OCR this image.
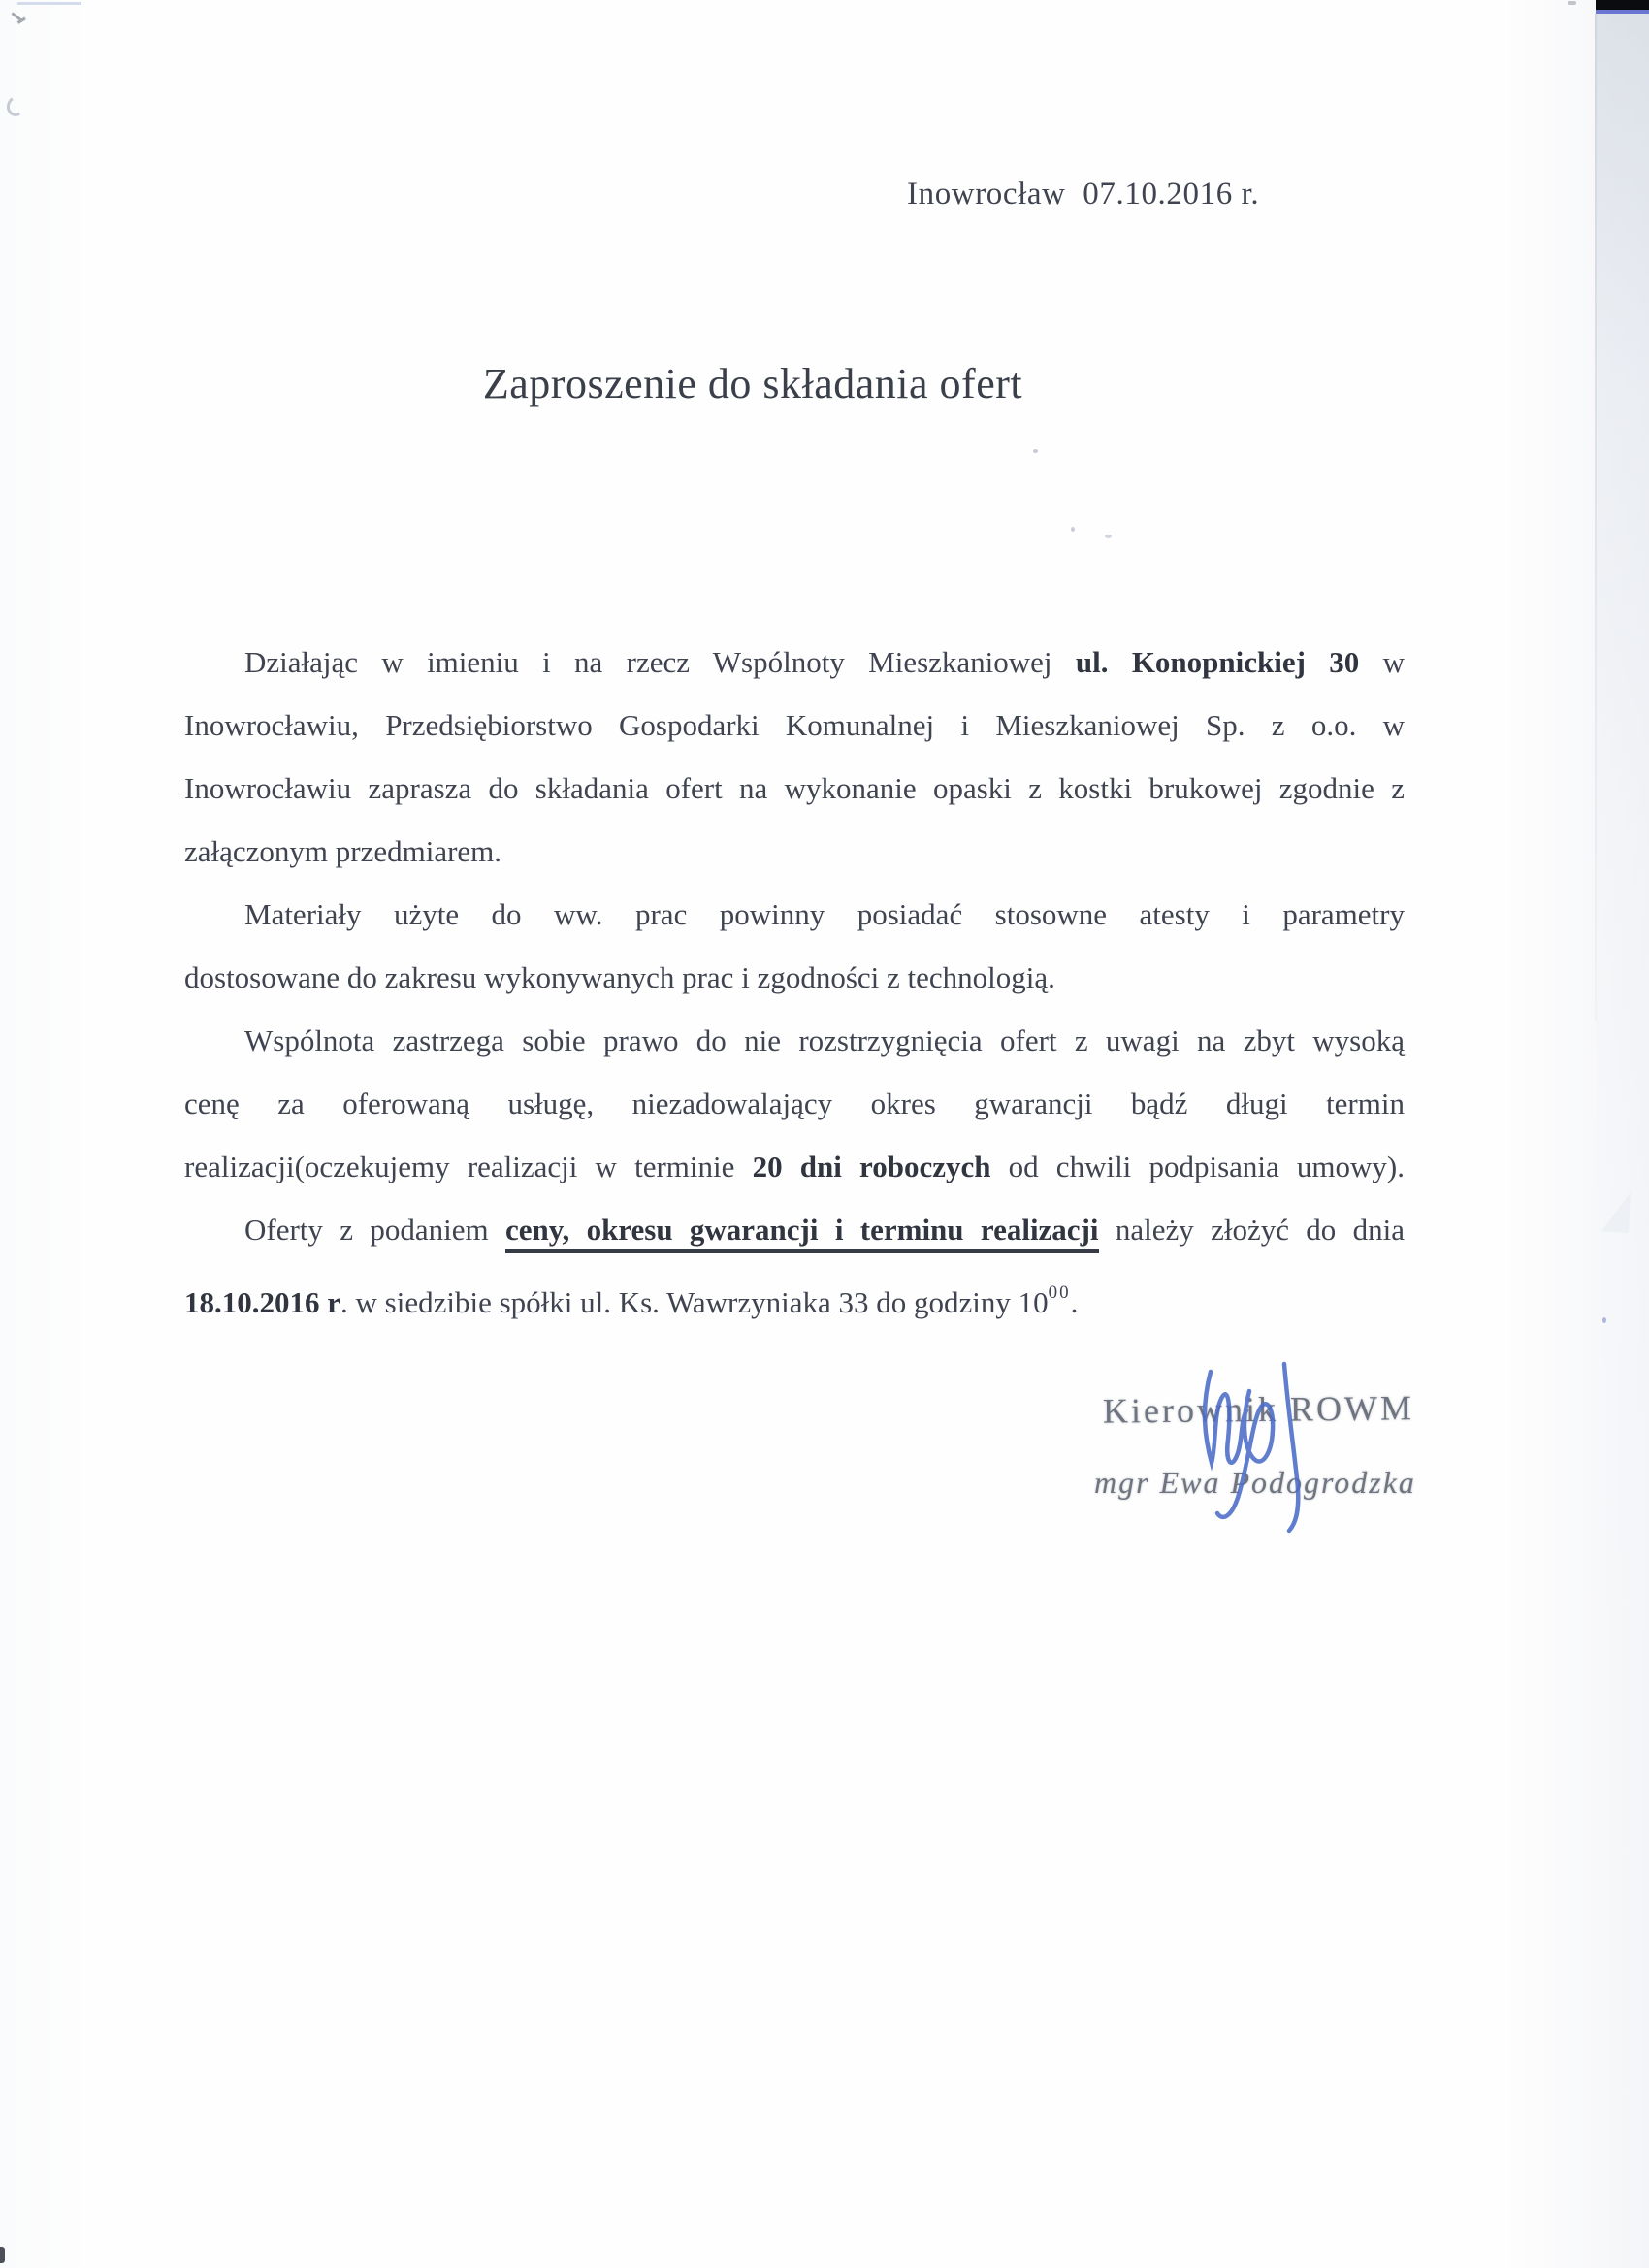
Inowrocław  07.10.2016 r.
Zaproszenie do składania ofert
Działając w imieniu i na rzecz Wspólnoty Mieszkaniowej ul. Konopnickiej 30 w
Inowrocławiu, Przedsiębiorstwo Gospodarki Komunalnej i Mieszkaniowej Sp. z o.o. w
Inowrocławiu zaprasza do składania ofert na wykonanie opaski z kostki brukowej zgodnie z
załączonym przedmiarem.
Materiały użyte do ww. prac powinny posiadać stosowne atesty i parametry
dostosowane do zakresu wykonywanych prac i zgodności z technologią.
Wspólnota zastrzega sobie prawo do nie rozstrzygnięcia ofert z uwagi na zbyt wysoką
cenę za oferowaną usługę, niezadowalający okres gwarancji bądź długi termin
realizacji(oczekujemy realizacji w terminie 20 dni roboczych od chwili podpisania umowy).
Oferty z podaniem ceny, okresu gwarancji i terminu realizacji należy złożyć do dnia
18.10.2016 r. w siedzibie spółki ul. Ks. Wawrzyniaka 33 do godziny $10^{00}$.
Kierownik ROWM
mgr Ewa Podogrodzka
